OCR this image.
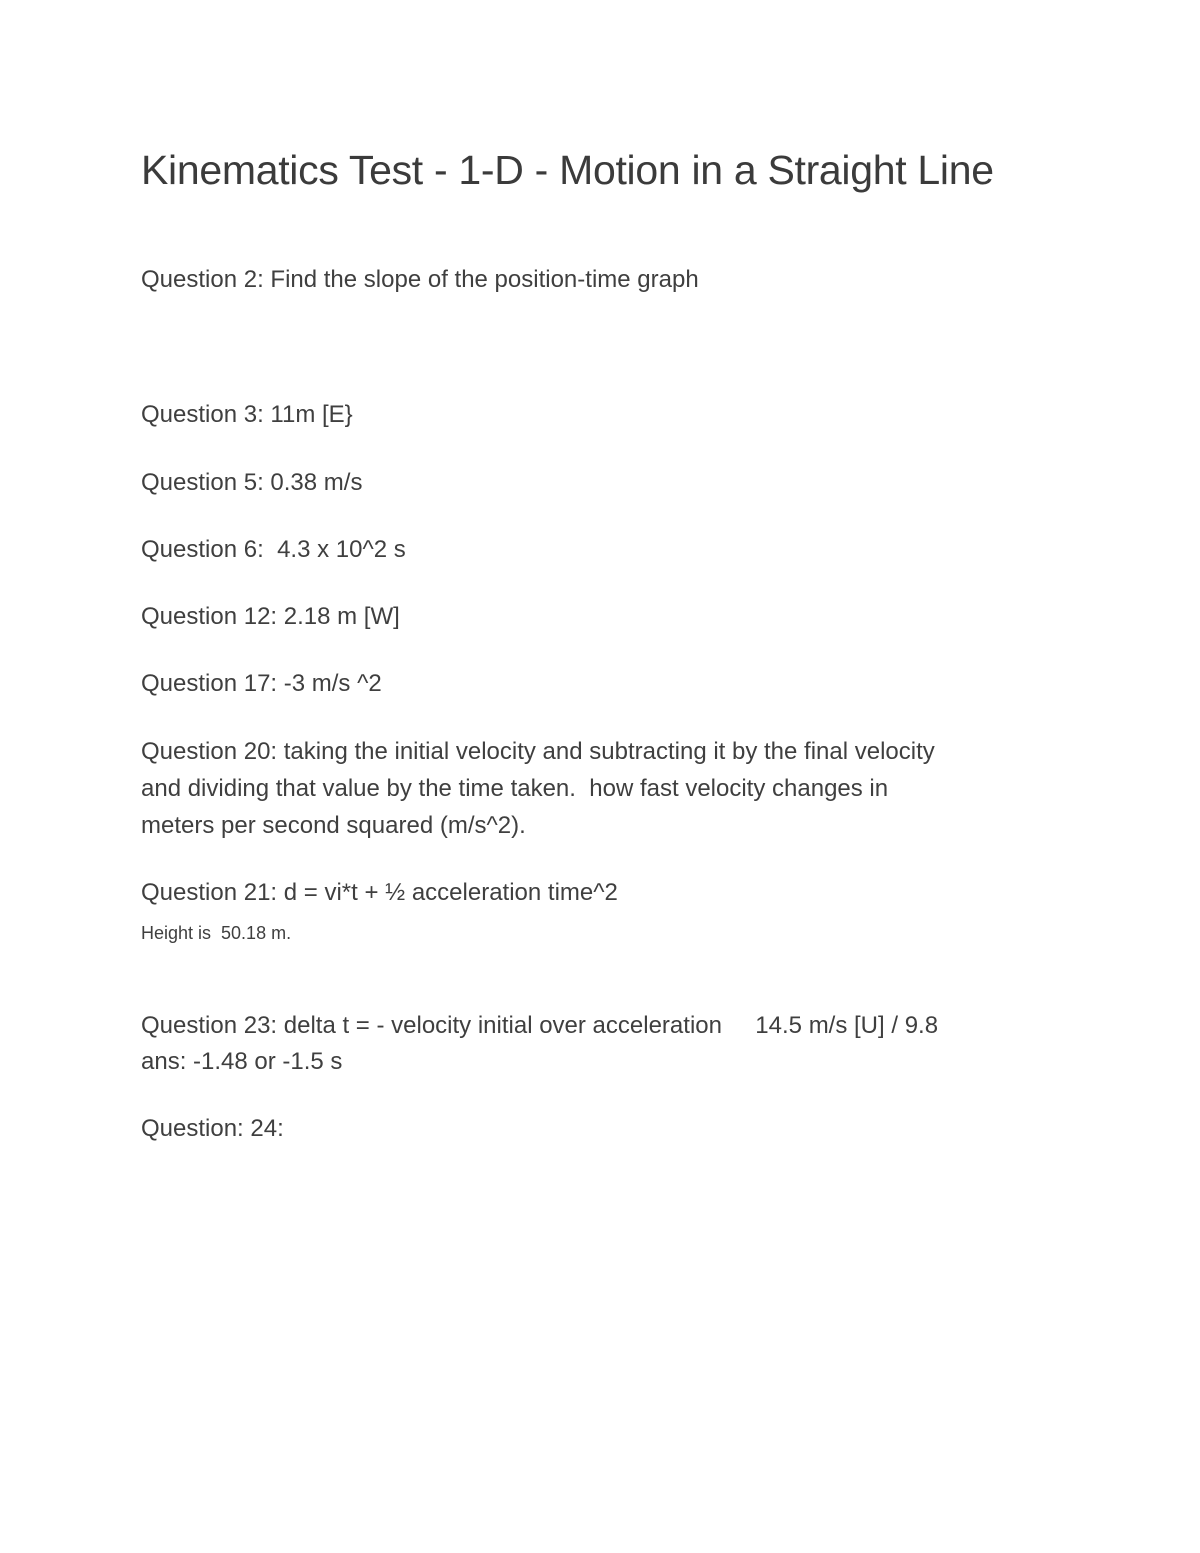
Kinematics Test - 1-D - Motion in a Straight Line

Question 2: Find the slope of the position-time graph

Question 3: 11m [E}

Question 5: 0.38 m/s

Question 6:  4.3 x 10^2 s

Question 12: 2.18 m [W]

Question 17: -3 m/s ^2

Question 20: taking the initial velocity and subtracting it by the final velocity

and dividing that value by the time taken.  how fast velocity changes in

meters per second squared (m/s^2).

Question 21: d = vi*t + ½ acceleration time^2

Height is  50.18 m.

Question 23: delta t = - velocity initial over acceleration     14.5 m/s [U] / 9.8

ans: -1.48 or -1.5 s

Question: 24:
